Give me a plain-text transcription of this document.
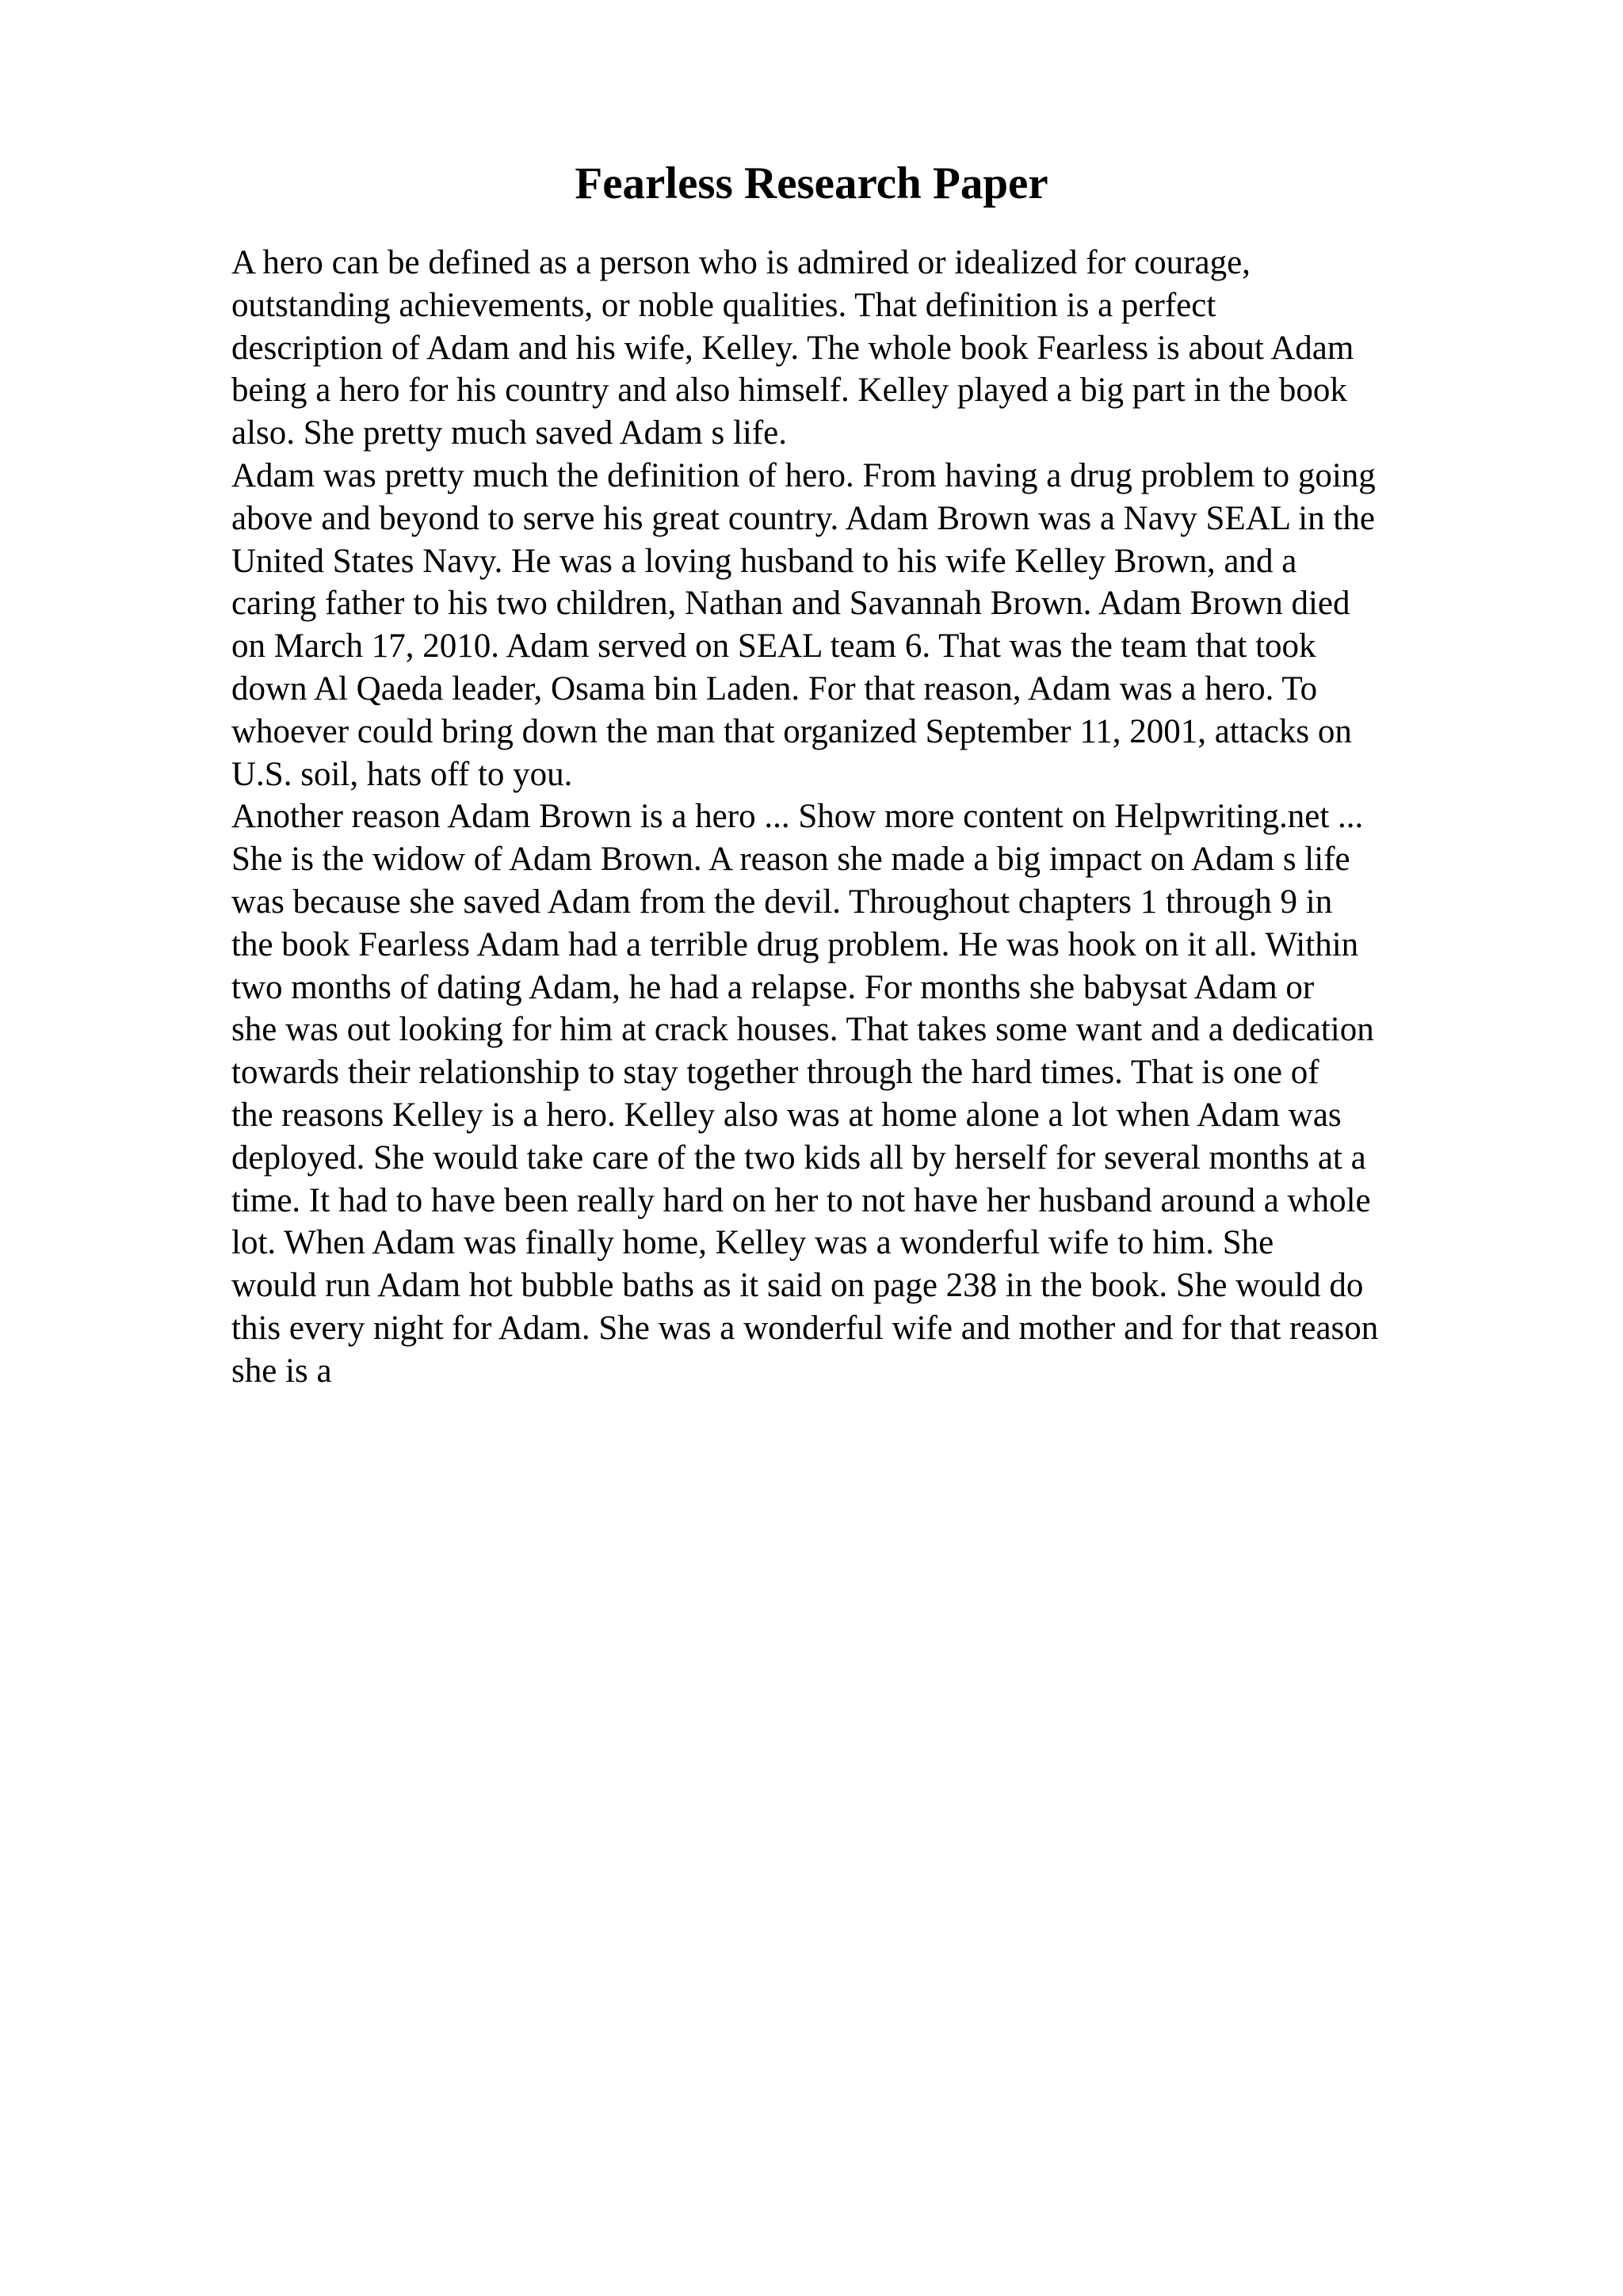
Fearless Research Paper
A hero can be defined as a person who is admired or idealized for courage,
outstanding achievements, or noble qualities. That definition is a perfect
description of Adam and his wife, Kelley. The whole book Fearless is about Adam
being a hero for his country and also himself. Kelley played a big part in the book
also. She pretty much saved Adam s life.
Adam was pretty much the definition of hero. From having a drug problem to going
above and beyond to serve his great country. Adam Brown was a Navy SEAL in the
United States Navy. He was a loving husband to his wife Kelley Brown, and a
caring father to his two children, Nathan and Savannah Brown. Adam Brown died
on March 17, 2010. Adam served on SEAL team 6. That was the team that took
down Al Qaeda leader, Osama bin Laden. For that reason, Adam was a hero. To
whoever could bring down the man that organized September 11, 2001, attacks on
U.S. soil, hats off to you.
Another reason Adam Brown is a hero ... Show more content on Helpwriting.net ...
She is the widow of Adam Brown. A reason she made a big impact on Adam s life
was because she saved Adam from the devil. Throughout chapters 1 through 9 in
the book Fearless Adam had a terrible drug problem. He was hook on it all. Within
two months of dating Adam, he had a relapse. For months she babysat Adam or
she was out looking for him at crack houses. That takes some want and a dedication
towards their relationship to stay together through the hard times. That is one of
the reasons Kelley is a hero. Kelley also was at home alone a lot when Adam was
deployed. She would take care of the two kids all by herself for several months at a
time. It had to have been really hard on her to not have her husband around a whole
lot. When Adam was finally home, Kelley was a wonderful wife to him. She
would run Adam hot bubble baths as it said on page 238 in the book. She would do
this every night for Adam. She was a wonderful wife and mother and for that reason
she is a
